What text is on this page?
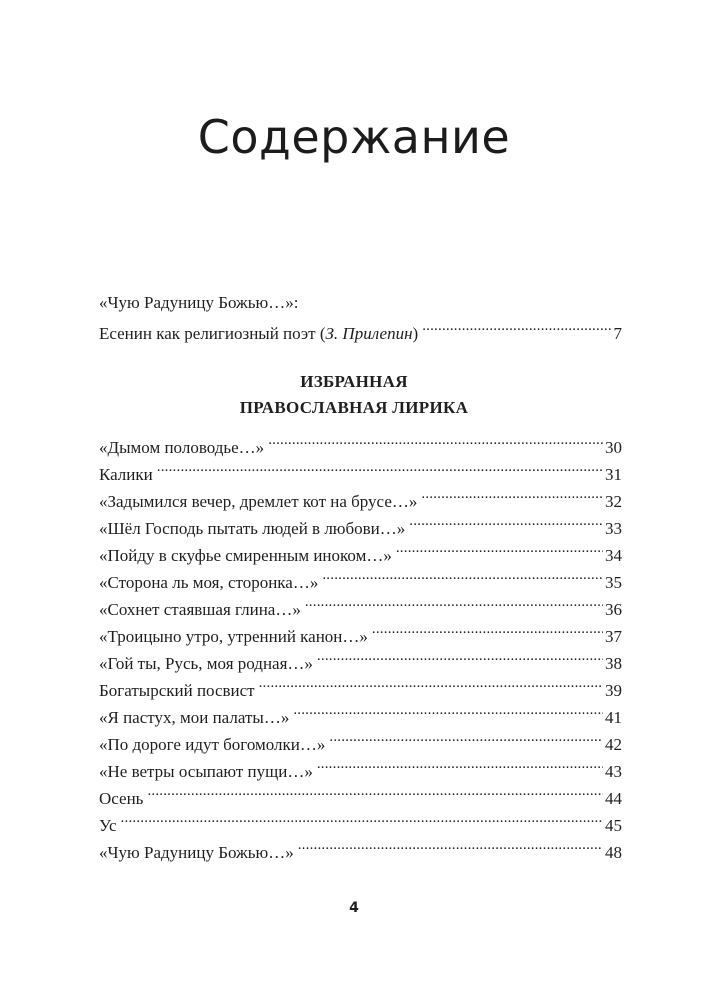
Содержание
«Чую Радуницу Божью…»:
Есенин как религиозный поэт (З. Прилепин) .....	7
ИЗБРАННАЯ
ПРАВОСЛАВНАЯ ЛИРИКА
«Дымом половодье…» .....	30
Калики .....	31
«Задымился вечер, дремлет кот на брусе…» .....	32
«Шёл Господь пытать людей в любови…» .....	33
«Пойду в скуфье смиренным иноком…» .....	34
«Сторона ль моя, сторонка…» .....	35
«Сохнет стаявшая глина…» .....	36
«Троицыно утро, утренний канон…» .....	37
«Гой ты, Русь, моя родная…» .....	38
Богатырский посвист .....	39
«Я пастух, мои палаты…» .....	41
«По дороге идут богомолки…» .....	42
«Не ветры осыпают пущи…» .....	43
Осень .....	44
Ус .....	45
«Чую Радуницу Божью…» .....	48
4
